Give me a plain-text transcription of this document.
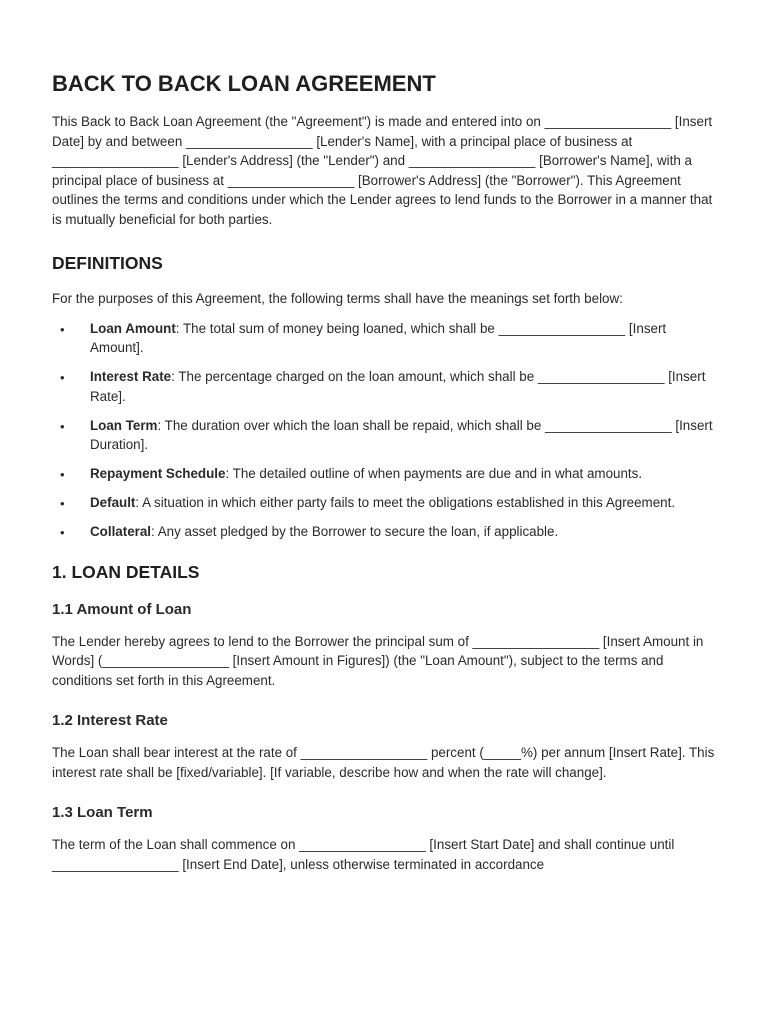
BACK TO BACK LOAN AGREEMENT

This Back to Back Loan Agreement (the "Agreement") is made and entered into on _________________ [Insert Date] by and between _________________ [Lender's Name], with a principal place of business at _________________ [Lender's Address] (the "Lender") and _________________ [Borrower's Name], with a principal place of business at _________________ [Borrower's Address] (the "Borrower"). This Agreement outlines the terms and conditions under which the Lender agrees to lend funds to the Borrower in a manner that is mutually beneficial for both parties.

DEFINITIONS

For the purposes of this Agreement, the following terms shall have the meanings set forth below:

• Loan Amount: The total sum of money being loaned, which shall be _________________ [Insert Amount].
• Interest Rate: The percentage charged on the loan amount, which shall be _________________ [Insert Rate].
• Loan Term: The duration over which the loan shall be repaid, which shall be _________________ [Insert Duration].
• Repayment Schedule: The detailed outline of when payments are due and in what amounts.
• Default: A situation in which either party fails to meet the obligations established in this Agreement.
• Collateral: Any asset pledged by the Borrower to secure the loan, if applicable.
1. LOAN DETAILS
1.1 Amount of Loan

The Lender hereby agrees to lend to the Borrower the principal sum of _________________ [Insert Amount in Words] (_________________ [Insert Amount in Figures]) (the "Loan Amount"), subject to the terms and conditions set forth in this Agreement.

1.2 Interest Rate

The Loan shall bear interest at the rate of _________________ percent (_____%) per annum [Insert Rate]. This interest rate shall be [fixed/variable]. [If variable, describe how and when the rate will change].

1.3 Loan Term

The term of the Loan shall commence on _________________ [Insert Start Date] and shall continue until _________________ [Insert End Date], unless otherwise terminated in accordance
